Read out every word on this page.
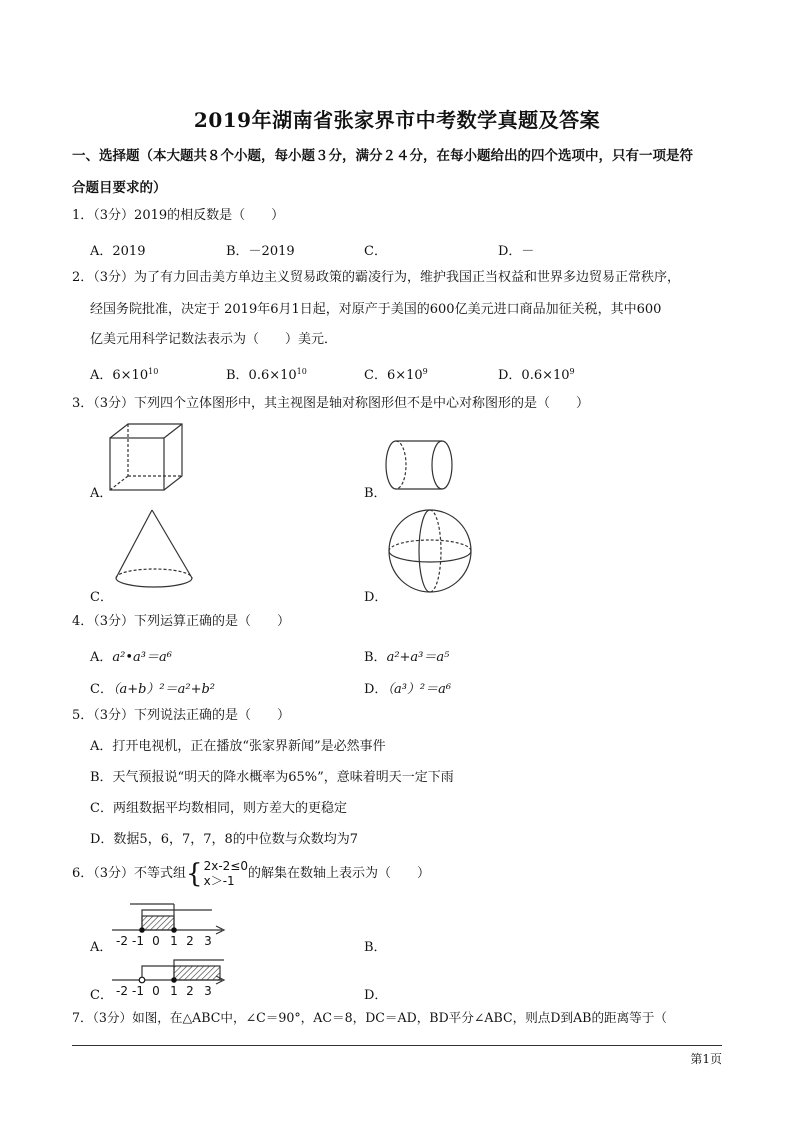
2019年湖南省张家界市中考数学真题及答案
一、选择题（本大题共８个小题，每小题３分，满分２４分，在每小题给出的四个选项中，只有一项是符
合题目要求的）
1．（3分）2019的相反数是（　　）
A．2019	B．－2019	C．	D．－
2．（3分）为了有力回击美方单边主义贸易政策的霸凌行为，维护我国正当权益和世界多边贸易正常秩序，
经国务院批准，决定于 2019年6月1日起，对原产于美国的600亿美元进口商品加征关税，其中600
亿美元用科学记数法表示为（　　）美元．
A．$6\times 10^{10}$	B．$0.6\times 10^{10}$	C．$6\times 10^9$	D．$0.6\times 10^9$
3．（3分）下列四个立体图形中，其主视图是轴对称图形但不是中心对称图形的是（　　）
A．	B．
C．	D．
4．（3分）下列运算正确的是（　　）
A．a²•a³＝a⁶	B．a²+a³＝a⁵
C．（a+b）²＝a²+b²	D．（a³）²＝a⁶
5．（3分）下列说法正确的是（　　）
A．打开电视机，正在播放“张家界新闻”是必然事件
B．天气预报说“明天的降水概率为65%”，意味着明天一定下雨
C．两组数据平均数相同，则方差大的更稳定
D．数据5，6，7，7，8的中位数与众数均为7
6．（3分）不等式组{ 2x-2≤0
x＞-1	的解集在数轴上表示为（　　）
A． -2 -1 0 1 2 3	B．
C． -2 -1 0 1 2 3	D．
7．（3分）如图，在△ABC中，∠C＝90°，AC＝8，DC＝AD，BD平分∠ABC，则点D到AB的距离等于（
第1页
